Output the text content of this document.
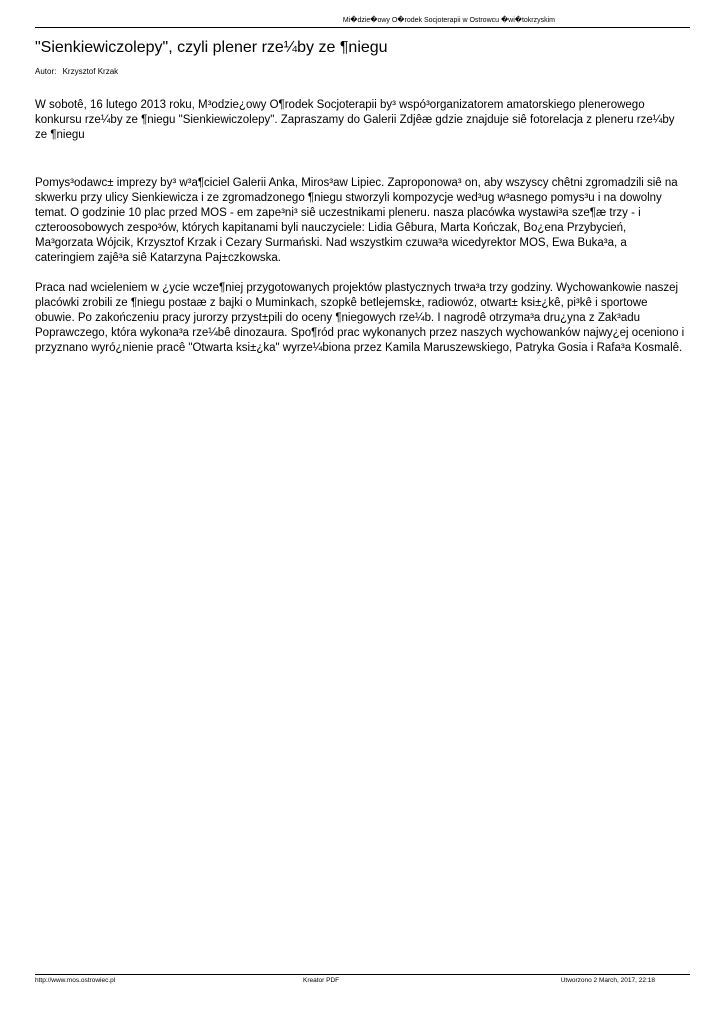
Mi�dzie�owy O�rodek Socjoterapii w Ostrowcu �wi�tokrzyskim
"Sienkiewiczolepy", czyli plener rze¼by ze ¶niegu
Autor: Krzysztof Krzak

W sobotê, 16 lutego 2013 roku, M³odzie¿owy O¶rodek Socjoterapii by³ wspó³organizatorem amatorskiego plenerowego konkursu rze¼by ze ¶niegu "Sienkiewiczolepy". Zapraszamy do Galerii Zdjêæ gdzie znajduje siê fotorelacja z pleneru rze¼by ze ¶niegu

Pomys³odawc± imprezy by³ w³a¶ciciel Galerii Anka, Miros³aw Lipiec. Zaproponowa³ on, aby wszyscy chêtni zgromadzili siê na skwerku przy ulicy Sienkiewicza i ze zgromadzonego ¶niegu stworzyli kompozycje wed³ug w³asnego pomys³u i na dowolny temat. O godzinie 10 plac przed MOS - em zape³ni³ siê uczestnikami pleneru. nasza placówka wystawi³a sze¶æ trzy - i czteroosobowych zespo³ów, których kapitanami byli nauczyciele: Lidia Gêbura, Marta Kończak, Bo¿ena Przybycień, Ma³gorzata Wójcik, Krzysztof Krzak i Cezary Surmański. Nad wszystkim czuwa³a wicedyrektor MOS, Ewa Buka³a, a cateringiem zajê³a siê Katarzyna Paj±czkowska.

Praca nad wcieleniem w ¿ycie wcze¶niej przygotowanych projektów plastycznych trwa³a trzy godziny. Wychowankowie naszej placówki zrobili ze ¶niegu postaæ z bajki o Muminkach, szopkê betlejemsk±, radiowóz, otwart± ksi±¿kê, pi³kê i sportowe obuwie. Po zakończeniu pracy jurorzy przyst±pili do oceny ¶niegowych rze¼b. I nagrodê otrzyma³a dru¿yna z Zak³adu Poprawczego, która wykona³a rze¼bê dinozaura. Spo¶ród prac wykonanych przez naszych wychowanków najwy¿ej oceniono i przyznano wyró¿nienie pracê "Otwarta ksi±¿ka" wyrze¼biona przez Kamila Maruszewskiego, Patryka Gosia i Rafa³a Kosmalê.

http://www.mos.ostrowiec.pl	Kreator PDF	Utworzono 2 March, 2017, 22:18
